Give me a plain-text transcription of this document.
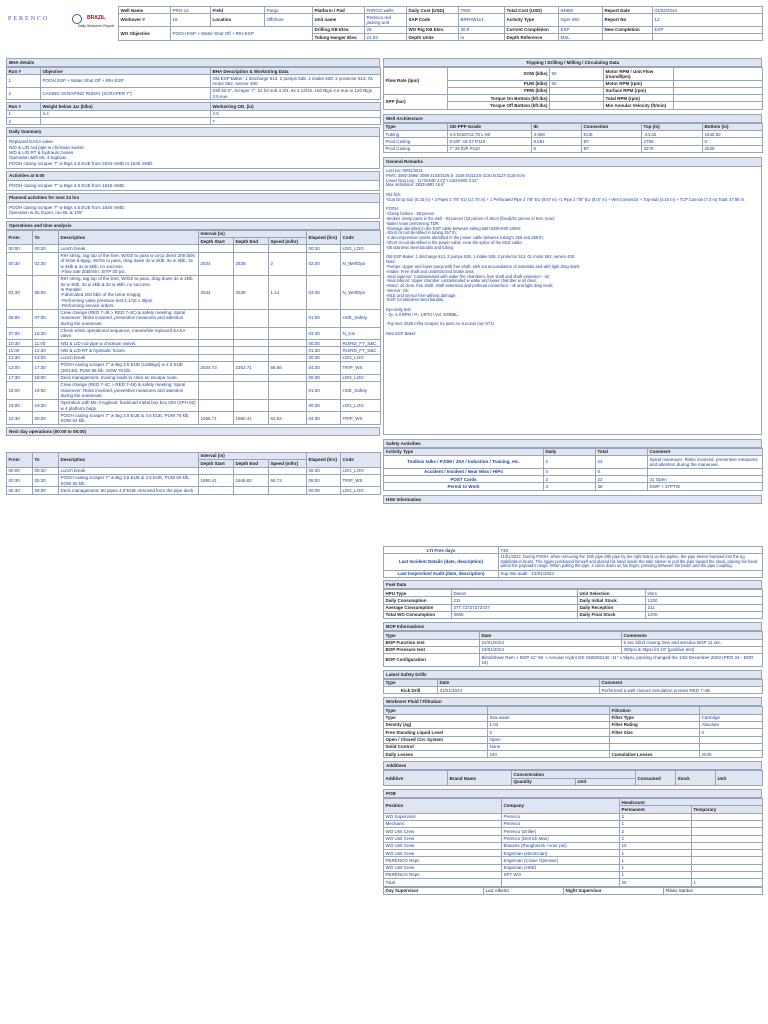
PERENCO	BRAZIL
Daily Workover Report
Well Name	PRG-14	Field	Pargo	Platform / Pad	PARGO wells	Daily Cost (USD)	7900	Total Cost (USD)	94800	Report Date	01/02/2024
Workover #	18	Location	Offshore	Unit name	Perenco red jacking unit	SAP Code	BRPAW114	Activity Type	Oper WO	Report No	12
WO Objective	POOH ESP + Water Shut Off + RIH ESP			Drilling KB Elev.	25	WO Rig KB Elev.	30.9	Current Completion	ESP	New Completion	ESP
				Tubing Hanger Elev.	21.03	Depth Units	m	Depth Reference	MSL		
BHA details
Run #	Objective	BHA Description & Workstring Data
1	POOH ESP + Water Shut Off + RIH ESP	Old ESP Baker: 1 discharge 513, 2 pumps 538, 1 intake 538, 2 protector 513, 01 motor 562, sensor 400.
2	CASING SCRAPING RUN#1 (SCRAPER 7")	Drill bit 6", Scraper 7", 01 bit sub 4.3/4, 8x 4.13/16, 150 Bigs 4.5 eue to 120 Bigs 3.5 eue
Run #	Weight below Jar (klbs)	Workstring OD. (in)
1	4.4	4.5
2		7
Daily Summary
Replaced EASA valve.
N/D & L/D rod pipe w chicksan swivel.
N/D & L/D RT & hydraulic hoses.
Operation with ML-3 tugboat.
POOH casing scraper 7" w Bigs 4.5 EUE from 2534 mMD to 1646 mMD.
Activities at 6:00
POOH casing scraper 7" w Bigs 4.5 EUE from 1646 mMD.
Planned activities for next 24 hrs
POOH casing scraper 7" w Bigs 4.5 EUE from 1646 mMD.
Operation w SL Expro, run BL & 125"
Operations and time analysis
From	To	Description	Interval (m)			Elapsed (hrs)	Code
			Depth Start	Depth End	Speed (m/hr)		
00:00	00:30	Lunch break				00:30	LDG_LOG
00:30	02:30	RIH string, tag top of the liner, W/OS to pass w circu direct 200 bbls of brine 8.6ppg, W/OS to pass, drag down 3x w 2klb, 3x w 3klb, 3x w 4klb & 3x w 5klb, no success.
-Flow rate 2bbl/min. SITP 30 psi.	2534	2538	2	02:00	N_WellOps
02:30	06:00	RIH string, tag top of the liner, W/OS to pass, drag down 3x w 2klb, 3x w 3klb, 3x w 4klb & 3x w 5klb, no success.
In Parallel:
-Fabricated 200 bbls of the brine 8.6ppg;
-Performing valve pressure test 2.1/16 x 3kpsi.
-Performing service orders.	2534	2538	1.14	03:30	N_WellOps
06:00	07:00	Crew change (RED 7-48 > RED 7-4C) & safety meeting: Spiral maneuver: Risks involved, preventive measures and attention during the maneuver.				01:00	HSE_Safety
07:00	10:30	Check w/Sis operational sequence, meanwhile replaced EASA valve.				03:30	N_Gis
10:30	11:00	N/D & L/D rod pipe w chicksan swivel.				00:30	RU/RD_FT_S&C
11:00	12:30	N/D & L/D RT & hydraulic hoses.				01:30	RU/RD_FT_S&C
12:30	13:00	Lunch break				00:30	LDG_LOG
13:00	17:30	POOH casing scraper 7" w Big 3.5 EUE (120Bigs) w 4.5 EUE (30/148), PUW 88 klb, SOW 70 klb.	2534.73	2262.71	58.56	04:30	TRIP_WS
17:30	18:00	Deck management, moving loads to clear an escape route.				00:30	LDG_LOG
18:00	19:00	Crew change (RED 7-4C > RED 7-48) & safety meeting: Spiral maneuver: Risks involved, preventive measures and attention during the maneuver.				01:00	HSE_Safety
19:00	19:30	Operation with ML-3 tugboat: backload metal box box 004 (SPH 02) w 4 platform bags.				00:30	LDG_LOG
19:30	00:00	POOH casing scraper 7" w Big 3.5 EUE & 4.5 EUE, PUW 76 klb, SOW 62 klb.	2266.71	1980.41	63.62	04:30	TRIP_WS
Next day operations (00:00 to 06:00)
From	To	Description	Interval (m)			Elapsed (hrs)	Code
			Depth Start	Depth End	Speed (m/hr)		
00:00	00:30	Lunch break				00:30	LDG_LOG
00:30	05:30	POOH casing scraper 7" w Big 3.5 EUE & 4.5 EUE, PUW 60 klb, SOW 50 klb.	1980.41	1646.82	66.72	05:00	TRIP_WS
05:30	06:00	Deck management, 60 pipes 4.5"EUE removed from the pipe deck.				00:30	LDG_LOG
Tripping / Drilling / Milling / Circulating Data
Flow Rate (lpm)	SOW (klbs)	50	Motor RPM / Unit Flow (round/lpm)	
	PUW (klbs)	60	Motor RPM (rpm)	
	FRW (klbs)		Surface RPM (rpm)	
SPP (bar)	Torque On Bottom (kft.lbs)		Total RPM (rpm)	
	Torque Off Bottom (kft.lbs)		Min Annular Velocity (ft/min)	
Well Architecture
Type	OD-PPF-Grade	ID	Connection	Top (m)	Bottom (m)
Tubing	4.5 EUE#12.75 L-80	3.958	EUE	-24.32	1646.82
Prod Casing	9 5/8" 43-47 P110	8.681	BT	2755	0
Prod Casing	7" 26 lb/ft P110	6	BT	3278	2538
General Remarks
Last wo: 08/01/2021
Perfs: 3092-3096/ 3098-3103/3105.5- 3108.5/3113.5-3120.6/3127-3130 m/m
Lower Dog Leg : 1172mMD 3.22°+1182mMD 3.22°
Max inclination: 2833mMD 18.8°
Old fish:
-Gun Drop Sub (0.33 m) + 2 Pipes 2 7/8" EU (17.70 m) + 1 Perforated Pipe 2 7/8" EU (9.67 m) +1 Pipe 2 7/8" EU (9.07 m) + Wet Connector + Top-Sub (4.10 m) + TCP Cannon (7.0 m) Total: 47.96 m.
POOH:
-Clamp broken - 58 pieces
-Broken clamp parts in the well - 94 pieces (33 pieces of 16cm (fixed)/61 pieces of 9cm (rear)
-Baker team performing TDR:
-Damage identified in the ESP cable between tubing 66th-82th-84th-106th;
-Short circuit identified in tubing 257 th;
-4 decompression points identified in the power cable between tubing's 258 and 259 th;
-Short circuit identified in the power cable, near the splice of the MLE cable;
-05 stainless steel bandits and tubing
Old ESP Baker: 1 discharge 513, 2 pumps 538, 1 intake 538, 2 protector 513, 01 motor 562, sensor 400.
Note:
-Pumps: Upper and lower pump with free shaft, with out accumulation of materials and with light drag mark;
-Intake: Free shaft and unobstructed intake area;
-Seal superior: Contaminated with water the chambers, free shaft and shaft extension - ok;
-Seal inferior: Upper chamber contaminated w water and lower chamber w oil clear;
-Motor: oil clear, free shaft, shaft extension and pothead connection - ok and light drag mark;
-Sensor: Ok;
-MLE and sensor free without damage;
-ESP, 04 stainless steel bandits.
Injectivity test:
- Q= 4.0 BPM / P= 13PSI / Vol. 200BBL.
-Top liner 2538 m/ha scraper, try pass no success (run N°2)
New ESP Baker:
Safety Activities
Activity Type	Daily	Total	Comment
Toolbox talks / PJSM / JSA / Induction / Training, etc.	2	22	Spiral maneuver: Risks involved, preventive measures and attention during the maneuver.
Accident / Incident / Near Miss / HiPo	0	0	
POST Cards	2	22	31 Open
Permit to Work	4	38	DWP + 37PTW
HSE Information
LTI Free days	748
Last Incident Details (date, description)	11/01/2022. During POOH, when removing the 15th pipe (8th pipe by the right team) on the pipline, the pipe sleeve bumped into the rig stabilization beam. The rigger positioned himself and placed his hand inside the tube sleeve to pull the pipe toward the stock, placing his hand within the payload's range. When pulling the pipe, it came down on his finger, pressing between the beam and the pipe coupling.
Last Inspection/ Audit (date, description)	Sup Wo audit - 13/01/2024
Fuel Data
HPU Type	Diesel	Unit Selection	liters
Daily Consumption	211	Daily Initial Stock	1200
Average Consumption	277.72727272727	Daily Reception	211
Total WO Consumption	3055	Daily Final Stock	1200
BOP Informations
Type	Date	Comments
BOP Function test	22/01/2024	5 sec blind closing time and annulus BOP 11 sec.
BOP Pressure test	23/01/2024	300psi & 3kpsi for 10' (positive test)
BOP Configuration	Blind/shear Ram + BOP 11" 5K + Annular Hydril GK SN6002140 -11" x 5kpsi, packing changed the 13st December 2023 (PRG 24 - DDR 15)	
Latest Safety Drills
Type	Date	Comment
Kick Drill	31/01/2024	Performed a well closure simulation w team RED 7-4B.
Workover Fluid / Filtration
Type		Filtration	
Type	Sea water	Filter Type	Cartridge
Density (sg)	1.03	Filter Rating	Absolute
Free Standing Liquid Level	0	Filter Size	0
Open / Closed Circ System	Open		
Solid Control	None		
Daily Losses	240	Cumulative Losses	2045
Additives
Additive	Brand Name	Concentration		Consumed	Stock	Unit
		Quantity	Unit			
POB
Position	Company	Headcount	
		Permanent	Temporary
WO Supervisor	Perenco	2	
Mechanic	Perenco	1	
WO Unit Crew	Perenco (Driller)	2	
WO Unit Crew	Perenco (Derrick Man)	2	
WO Unit Crew	Brasvex (Roughneck +sour pie)	10	
WO Unit Crew	Engeman (electrician)	1	
PERENCO Reps	Engeman (Crane Operator)	1	
WO Unit Crew	Engeman (HSE)	1	
PERENCO Reps	SPT WO	1	
Total		20	1
Day Supervisor	Luiz Alberto	Night Supervisor	Flávio Santos
